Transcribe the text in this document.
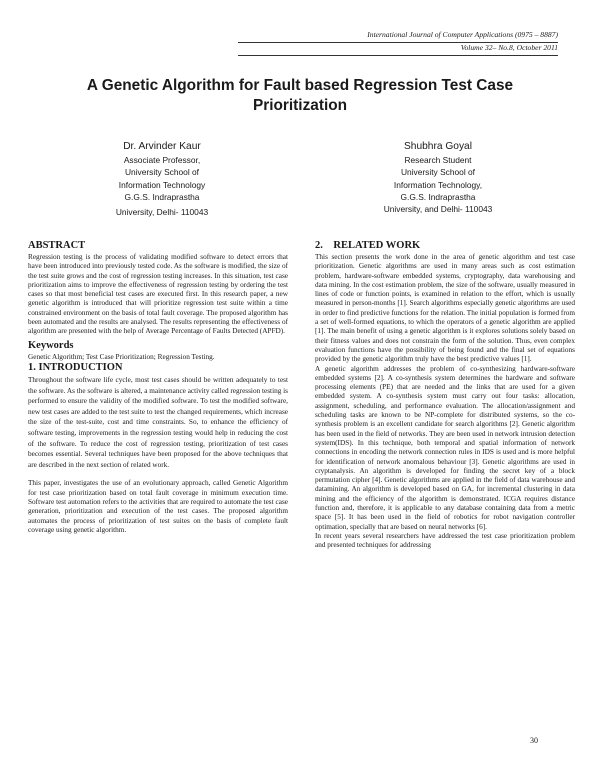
International Journal of Computer Applications (0975 – 8887)
Volume 32– No.8, October 2011
A Genetic Algorithm for Fault based Regression Test Case Prioritization
Dr. Arvinder Kaur
Associate Professor,
University School of
Information Technology
G.G.S. Indraprastha
University, Delhi- 110043
Shubhra Goyal
Research Student
University School of
Information Technology,
G.G.S. Indraprastha
University, and Delhi- 110043
ABSTRACT

Regression testing is the process of validating modified software to detect errors that have been introduced into previously tested code. As the software is modified, the size of the test suite grows and the cost of regression testing increases. In this situation, test case prioritization aims to improve the effectiveness of regression testing by ordering the test cases so that most beneficial test cases are executed first. In this research paper, a new genetic algorithm is introduced that will prioritize regression test suite within a time constrained environment on the basis of total fault coverage. The proposed algorithm has been automated and the results are analysed. The results representing the effectiveness of algorithm are presented with the help of Average Percentage of Faults Detected (APFD).

Keywords

Genetic Algorithm; Test Case Prioritization; Regression Testing.

1. INTRODUCTION

Throughout the software life cycle, most test cases should be written adequately to test the software. As the software is altered, a maintenance activity called regression testing is performed to ensure the validity of the modified software. To test the modified software, new test cases are added to the test suite to test the changed requirements, which increase the size of the test-suite, cost and time constraints. So, to enhance the efficiency of software testing, improvements in the regression testing would help in reducing the cost of the software. To reduce the cost of regression testing, prioritization of test cases becomes essential. Several techniques have been proposed for the above techniques that are described in the next section of related work.

This paper, investigates the use of an evolutionary approach, called Genetic Algorithm for test case prioritization based on total fault coverage in minimum execution time. Software test automation refers to the activities that are required to automate the test case generation, prioritization and execution of the test cases. The proposed algorithm automates the process of prioritization of test suites on the basis of complete fault coverage using genetic algorithm.

2.    RELATED WORK

This section presents the work done in the area of genetic algorithm and test case prioritization. Genetic algorithms are used in many areas such as cost estimation problem, hardware-software embedded systems, cryptography, data warehousing and data mining. In the cost estimation problem, the size of the software, usually measured in lines of code or function points, is examined in relation to the effort, which is usually measured in person-months [1]. Search algorithms especially genetic algorithms are used in order to find predictive functions for the relation. The initial population is formed from a set of well-formed equations, to which the operators of a genetic algorithm are applied [1]. The main benefit of using a genetic algorithm is it explores solutions solely based on their fitness values and does not constrain the form of the solution. Thus, even complex evaluation functions have the possibility of being found and the final set of equations provided by the genetic algorithm truly have the best predictive values [1].

A genetic algorithm addresses the problem of co-synthesizing hardware-software embedded systems [2]. A co-synthesis system determines the hardware and software processing elements (PE) that are needed and the links that are used for a given embedded system. A co-synthesis system must carry out four tasks: allocation, assignment, scheduling, and performance evaluation. The allocation/assignment and scheduling tasks are known to be NP-complete for distributed systems, so the co-synthesis problem is an excellent candidate for search algorithms [2]. Genetic algorithm has been used in the field of networks. They are been used in network intrusion detection system(IDS). In this technique, both temporal and spatial information of network connections in encoding the network connection rules in IDS is used and is more helpful for identification of network anomalous behaviour [3]. Genetic algorithms are used in cryptanalysis. An algorithm is developed for finding the secret key of a block permutation cipher [4]. Genetic algorithms are applied in the field of data warehouse and datamining. An algorithm is developed based on GA, for incremental clustering in data mining and the efficiency of the algorithm is demonstrated. ICGA requires distance function and, therefore, it is applicable to any database containing data from a metric space [5]. It has been used in the field of robotics for robot navigation controller optimation, specially that are based on neural networks [6].

In recent years several researchers have addressed the test case prioritization problem and presented techniques for addressing

30
